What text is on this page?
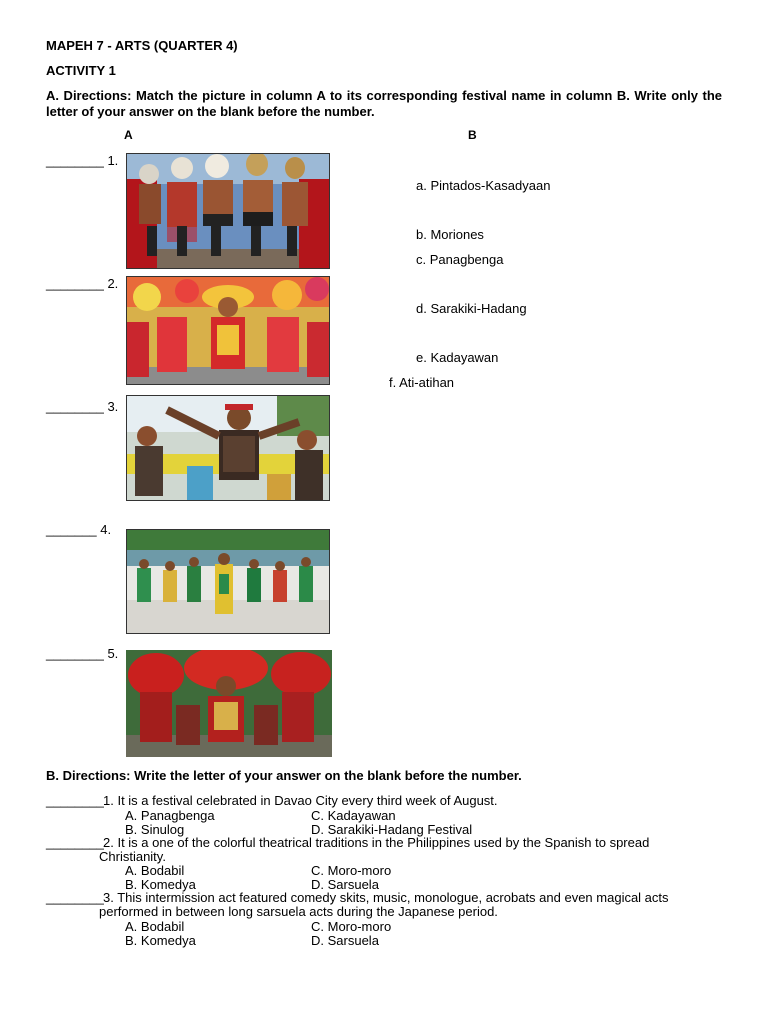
MAPEH 7 - ARTS (QUARTER 4)
ACTIVITY 1
A. Directions: Match the picture in column A to its corresponding festival name in column B. Write only the letter of your answer on the blank before the number.
A	B
________ 1.
________ 2.
________ 3.
_______ 4.
________ 5.
a. Pintados-Kasadyaan
b. Moriones
c. Panagbenga
d. Sarakiki-Hadang
e. Kadayawan
f. Ati-atihan
B. Directions: Write the letter of your answer on the blank before the number.
________ 1. It is a festival celebrated in Davao City every third week of August.
A. Panagbenga	C. Kadayawan
B. Sinulog	D. Sarakiki-Hadang Festival
________ 2. It is a one of the colorful theatrical traditions in the Philippines used by the Spanish to spread
Christianity.
A. Bodabil	C. Moro-moro
B. Komedya	D. Sarsuela
________ 3. This intermission act featured comedy skits, music, monologue, acrobats and even magical acts
performed in between long sarsuela acts during the Japanese period.
A. Bodabil	C. Moro-moro
B. Komedya	D. Sarsuela
